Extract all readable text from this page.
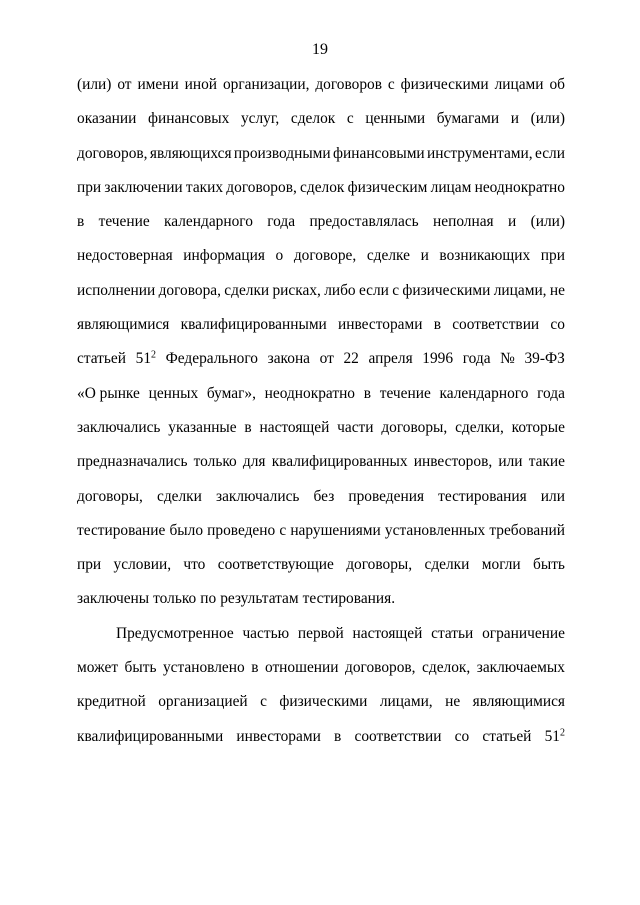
19
(или) от имени иной организации, договоров с физическими лицами об
оказании финансовых услуг, сделок с ценными бумагами и (или)
договоров, являющихся производными финансовыми инструментами, если
при заключении таких договоров, сделок физическим лицам неоднократно
в течение календарного года предоставлялась неполная и (или)
недостоверная информация о договоре, сделке и возникающих при
исполнении договора, сделки рисках, либо если с физическими лицами, не
являющимися квалифицированными инвесторами в соответствии со
статьей $51^2$ Федерального закона от 22 апреля 1996 года № 39-ФЗ
«О рынке ценных бумаг», неоднократно в течение календарного года
заключались указанные в настоящей части договоры, сделки, которые
предназначались только для квалифицированных инвесторов, или такие
договоры, сделки заключались без проведения тестирования или
тестирование было проведено с нарушениями установленных требований
при условии, что соответствующие договоры, сделки могли быть
заключены только по результатам тестирования.
Предусмотренное частью первой настоящей статьи ограничение
может быть установлено в отношении договоров, сделок, заключаемых
кредитной организацией с физическими лицами, не являющимися
квалифицированными инвесторами в соответствии со статьей $51^2$
